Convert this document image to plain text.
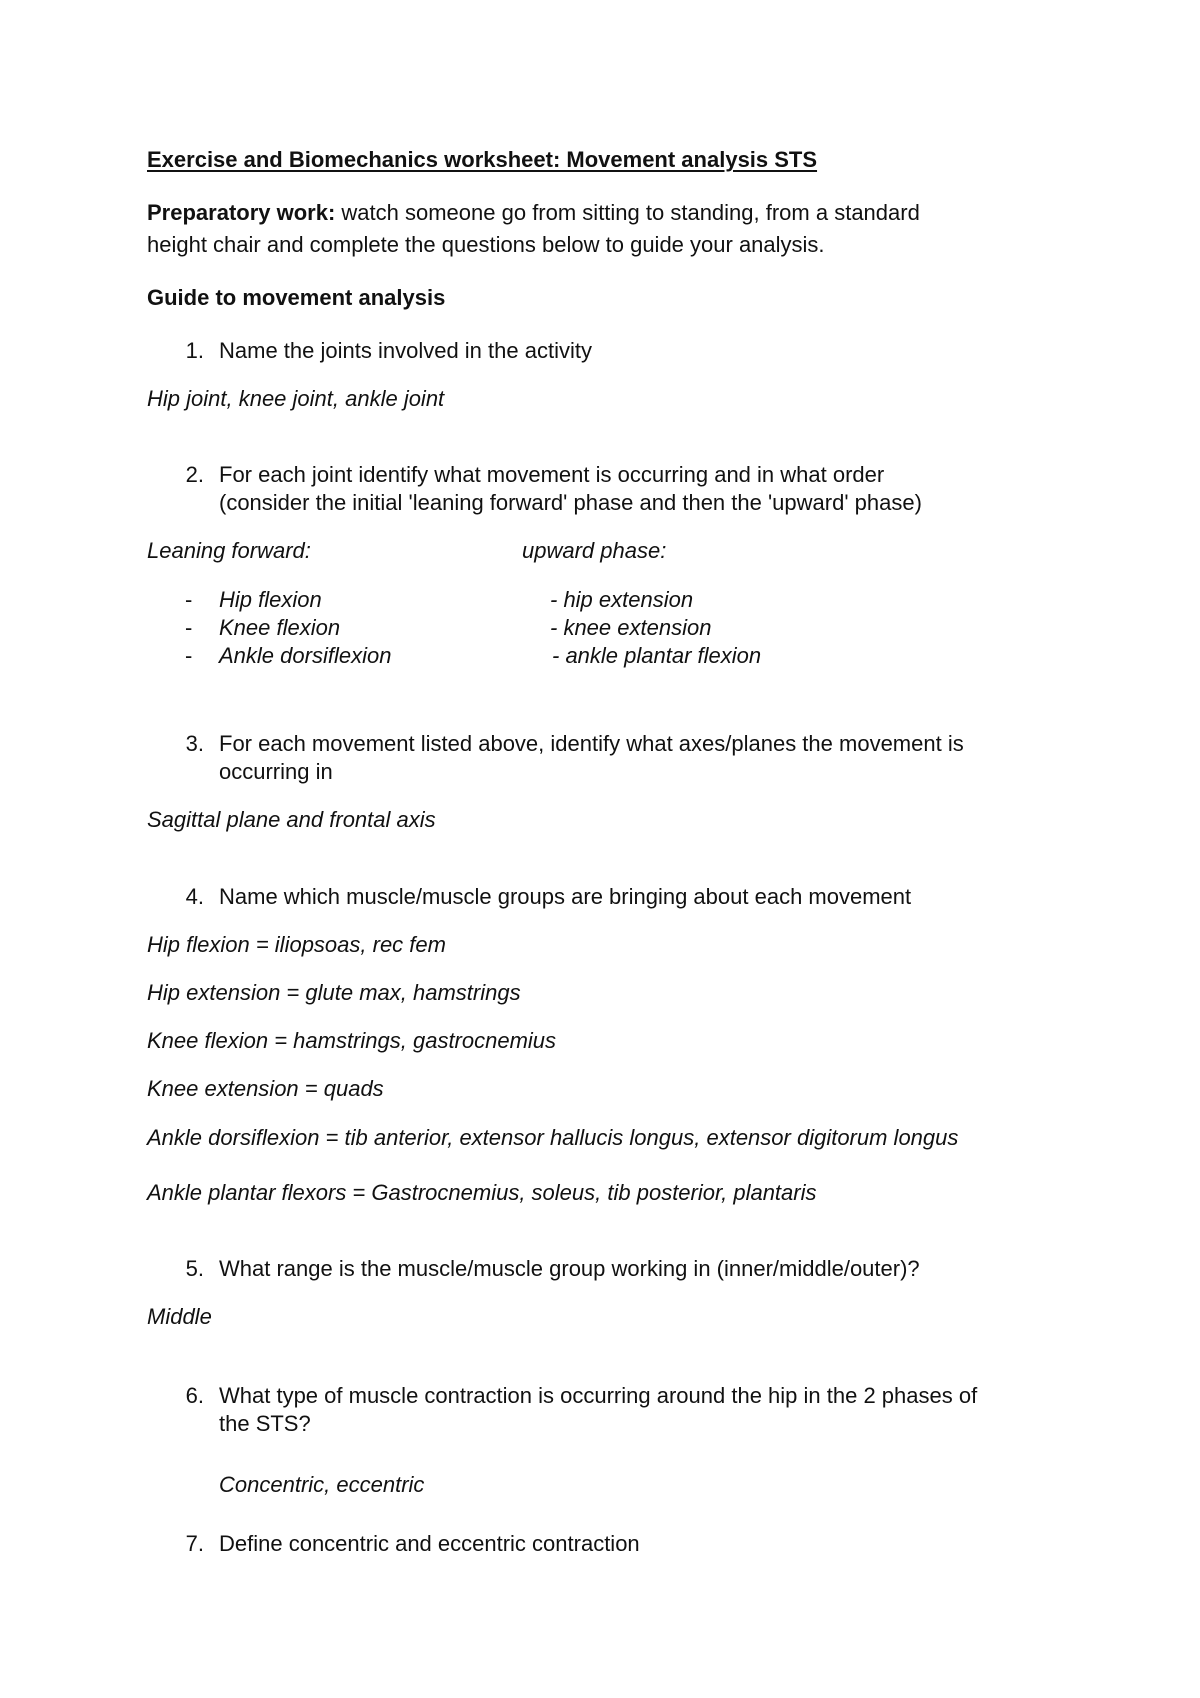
Exercise and Biomechanics worksheet: Movement analysis STS
Preparatory work: watch someone go from sitting to standing, from a standard
height chair and complete the questions below to guide your analysis.
Guide to movement analysis
1. Name the joints involved in the activity
Hip joint, knee joint, ankle joint
2. For each joint identify what movement is occurring and in what order
(consider the initial 'leaning forward' phase and then the 'upward' phase)
Leaning forward:	upward phase:
- Hip flexion	- hip extension
- Knee flexion	- knee extension
- Ankle dorsiflexion	- ankle plantar flexion
3. For each movement listed above, identify what axes/planes the movement is
occurring in
Sagittal plane and frontal axis
4. Name which muscle/muscle groups are bringing about each movement
Hip flexion = iliopsoas, rec fem
Hip extension = glute max, hamstrings
Knee flexion = hamstrings, gastrocnemius
Knee extension = quads
Ankle dorsiflexion = tib anterior, extensor hallucis longus, extensor digitorum longus
Ankle plantar flexors = Gastrocnemius, soleus, tib posterior, plantaris
5. What range is the muscle/muscle group working in (inner/middle/outer)?
Middle
6. What type of muscle contraction is occurring around the hip in the 2 phases of
the STS?
Concentric, eccentric
7. Define concentric and eccentric contraction
